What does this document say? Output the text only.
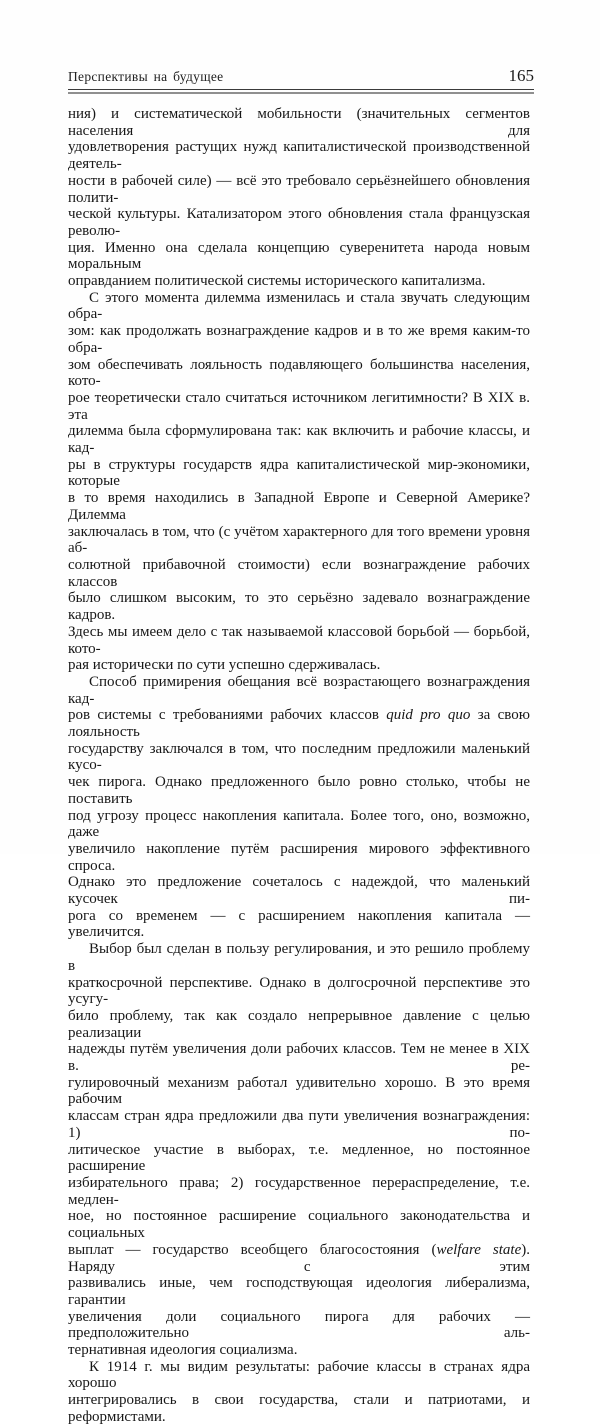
Перспективы на будущее	165
ния) и систематической мобильности (значительных сегментов населения для
удовлетворения растущих нужд капиталистической производственной деятель-
ности в рабочей силе) — всё это требовало серьёзнейшего обновления полити-
ческой культуры. Катализатором этого обновления стала французская револю-
ция. Именно она сделала концепцию суверенитета народа новым моральным
оправданием политической системы исторического капитализма.
С этого момента дилемма изменилась и стала звучать следующим обра-
зом: как продолжать вознаграждение кадров и в то же время каким-то обра-
зом обеспечивать лояльность подавляющего большинства населения, кото-
рое теоретически стало считаться источником легитимности? В XIX в. эта
дилемма была сформулирована так: как включить и рабочие классы, и кад-
ры в структуры государств ядра капиталистической мир-экономики, которые
в то время находились в Западной Европе и Северной Америке? Дилемма
заключалась в том, что (с учётом характерного для того времени уровня аб-
солютной прибавочной стоимости) если вознаграждение рабочих классов
было слишком высоким, то это серьёзно задевало вознаграждение кадров.
Здесь мы имеем дело с так называемой классовой борьбой — борьбой, кото-
рая исторически по сути успешно сдерживалась.
Способ примирения обещания всё возрастающего вознаграждения кад-
ров системы с требованиями рабочих классов quid pro quo за свою лояльность
государству заключался в том, что последним предложили маленький кусо-
чек пирога. Однако предложенного было ровно столько, чтобы не поставить
под угрозу процесс накопления капитала. Более того, оно, возможно, даже
увеличило накопление путём расширения мирового эффективного спроса.
Однако это предложение сочеталось с надеждой, что маленький кусочек пи-
рога со временем — с расширением накопления капитала — увеличится.
Выбор был сделан в пользу регулирования, и это решило проблему в
краткосрочной перспективе. Однако в долгосрочной перспективе это усугу-
било проблему, так как создало непрерывное давление с целью реализации
надежды путём увеличения доли рабочих классов. Тем не менее в XIX в. ре-
гулировочный механизм работал удивительно хорошо. В это время рабочим
классам стран ядра предложили два пути увеличения вознаграждения: 1) по-
литическое участие в выборах, т.е. медленное, но постоянное расширение
избирательного права; 2) государственное перераспределение, т.е. медлен-
ное, но постоянное расширение социального законодательства и социальных
выплат — государство всеобщего благосостояния (welfare state). Наряду с этим
развивались иные, чем господствующая идеология либерализма, гарантии
увеличения доли социального пирога для рабочих — предположительно аль-
тернативная идеология социализма.
К 1914 г. мы видим результаты: рабочие классы в странах ядра хорошо
интегрировались в свои государства, стали и патриотами, и реформистами.
